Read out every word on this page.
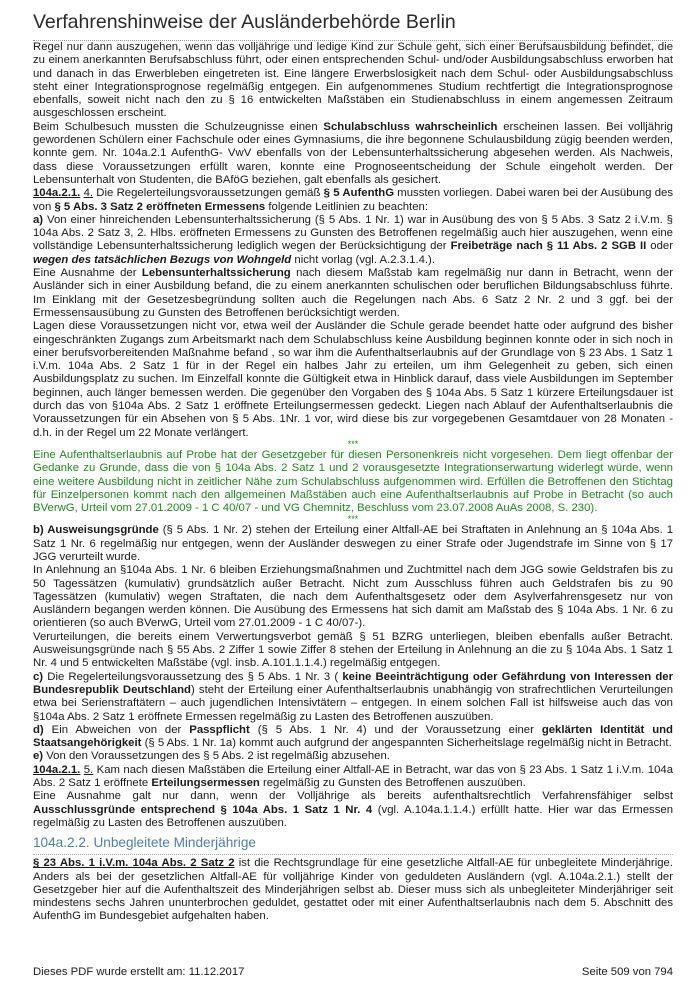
Verfahrenshinweise der Ausländerbehörde Berlin

Regel nur dann auszugehen, wenn das volljährige und ledige Kind zur Schule geht, sich einer Berufsausbildung befindet, die zu einem anerkannten Berufsabschluss führt, oder einen entsprechenden Schul- und/oder Ausbildungsabschluss erworben hat und danach in das Erwerbleben eingetreten ist. Eine längere Erwerbslosigkeit nach dem Schul- oder Ausbildungsabschluss steht einer Integrationsprognose regelmäßig entgegen. Ein aufgenommenes Studium rechtfertigt die Integrationsprognose ebenfalls, soweit nicht nach den zu § 16 entwickelten Maßstäben ein Studienabschluss in einem angemessen Zeitraum ausgeschlossen erscheint.

Beim Schulbesuch mussten die Schulzeugnisse einen Schulabschluss wahrscheinlich erscheinen lassen. Bei volljährig gewordenen Schülern einer Fachschule oder eines Gymnasiums, die ihre begonnene Schulausbildung zügig beenden werden, konnte gem. Nr. 104a.2.1 AufenthG- VwV ebenfalls von der Lebensunterhaltssicherung abgesehen werden. Als Nachweis, dass diese Voraussetzungen erfüllt waren, konnte eine Prognoseentscheidung der Schule eingeholt werden. Der Lebensunterhalt von Studenten, die BAföG beziehen, galt ebenfalls als gesichert.

104a.2.1. 4. Die Regelerteilungsvoraussetzungen gemäß § 5 AufenthG mussten vorliegen. Dabei waren bei der Ausübung des von § 5 Abs. 3 Satz 2 eröffneten Ermessens folgende Leitlinien zu beachten:

a) Von einer hinreichenden Lebensunterhaltssicherung (§ 5 Abs. 1 Nr. 1) war in Ausübung des von § 5 Abs. 3 Satz 2 i.V.m. § 104a Abs. 2 Satz 3, 2. Hlbs. eröffneten Ermessens zu Gunsten des Betroffenen regelmäßig auch hier auszugehen, wenn eine vollständige Lebensunterhaltssicherung lediglich wegen der Berücksichtigung der Freibeträge nach § 11 Abs. 2 SGB II oder wegen des tatsächlichen Bezugs von Wohngeld nicht vorlag (vgl. A.2.3.1.4.).

Eine Ausnahme der Lebensunterhaltssicherung nach diesem Maßstab kam regelmäßig nur dann in Betracht, wenn der Ausländer sich in einer Ausbildung befand, die zu einem anerkannten schulischen oder beruflichen Bildungsabschluss führte. Im Einklang mit der Gesetzesbegründung sollten auch die Regelungen nach Abs. 6 Satz 2 Nr. 2 und 3 ggf. bei der Ermessensausübung zu Gunsten des Betroffenen berücksichtigt werden.

Lagen diese Voraussetzungen nicht vor, etwa weil der Ausländer die Schule gerade beendet hatte oder aufgrund des bisher eingeschränkten Zugangs zum Arbeitsmarkt nach dem Schulabschluss keine Ausbildung beginnen konnte oder in sich noch in einer berufsvorbereitenden Maßnahme befand , so war ihm die Aufenthaltserlaubnis auf der Grundlage von § 23 Abs. 1 Satz 1 i.V.m. 104a Abs. 2 Satz 1 für in der Regel ein halbes Jahr zu erteilen, um ihm Gelegenheit zu geben, sich einen Ausbildungsplatz zu suchen. Im Einzelfall konnte die Gültigkeit etwa in Hinblick darauf, dass viele Ausbildungen im September beginnen, auch länger bemessen werden. Die gegenüber den Vorgaben des § 104a Abs. 5 Satz 1 kürzere Erteilungsdauer ist durch das von §104a Abs. 2 Satz 1 eröffnete Erteilungsermessen gedeckt. Liegen nach Ablauf der Aufenthaltserlaubnis die Voraussetzungen für ein Absehen von § 5 Abs. 1Nr. 1 vor, wird diese bis zur vorgegebenen Gesamtdauer von 28 Monaten - d.h. in der Regel um 22 Monate verlängert.

***

Eine Aufenthaltserlaubnis auf Probe hat der Gesetzgeber für diesen Personenkreis nicht vorgesehen. Dem liegt offenbar der Gedanke zu Grunde, dass die von § 104a Abs. 2 Satz 1 und 2 vorausgesetzte Integrationserwartung widerlegt würde, wenn eine weitere Ausbildung nicht in zeitlicher Nähe zum Schulabschluss aufgenommen wird. Erfüllen die Betroffenen den Stichtag für Einzelpersonen kommt nach den allgemeinen Maßstäben auch eine Aufenthaltserlaubnis auf Probe in Betracht (so auch BVerwG, Urteil vom 27.01.2009 - 1 C 40/07 - und VG Chemnitz, Beschluss vom 23.07.2008 AuAs 2008, S. 230).

***

b) Ausweisungsgründe (§ 5 Abs. 1 Nr. 2) stehen der Erteilung einer Altfall-AE bei Straftaten in Anlehnung an § 104a Abs. 1 Satz 1 Nr. 6 regelmäßig nur entgegen, wenn der Ausländer deswegen zu einer Strafe oder Jugendstrafe im Sinne von § 17 JGG verurteilt wurde.

In Anlehnung an §104a Abs. 1 Nr. 6 bleiben Erziehungsmaßnahmen und Zuchtmittel nach dem JGG sowie Geldstrafen bis zu 50 Tagessätzen (kumulativ) grundsätzlich außer Betracht. Nicht zum Ausschluss führen auch Geldstrafen bis zu 90 Tagessätzen (kumulativ) wegen Straftaten, die nach dem Aufenthaltsgesetz oder dem Asylverfahrensgesetz nur von Ausländern begangen werden können. Die Ausübung des Ermessens hat sich damit am Maßstab des § 104a Abs. 1 Nr. 6 zu orientieren (so auch BVerwG, Urteil vom 27.01.2009 - 1 C 40/07-).

Verurteilungen, die bereits einem Verwertungsverbot gemäß § 51 BZRG unterliegen, bleiben ebenfalls außer Betracht. Ausweisungsgründe nach § 55 Abs. 2 Ziffer 1 sowie Ziffer 8 stehen der Erteilung in Anlehnung an die zu § 104a Abs. 1 Satz 1 Nr. 4 und 5 entwickelten Maßstäbe (vgl. insb. A.101.1.1.4.) regelmäßig entgegen.

c) Die Regelerteilungsvoraussetzung des § 5 Abs. 1 Nr. 3 ( keine Beeinträchtigung oder Gefährdung von Interessen der Bundesrepublik Deutschland) steht der Erteilung einer Aufenthaltserlaubnis unabhängig von strafrechtlichen Verurteilungen etwa bei Serienstraftätern – auch jugendlichen Intensivtätern – entgegen. In einem solchen Fall ist hilfsweise auch das von §104a Abs. 2 Satz 1 eröffnete Ermessen regelmäßig zu Lasten des Betroffenen auszuüben.

d) Ein Abweichen von der Passpflicht (§ 5 Abs. 1 Nr. 4) und der Voraussetzung einer geklärten Identität und Staatsangehörigkeit (§ 5 Abs. 1 Nr. 1a) kommt auch aufgrund der angespannten Sicherheitslage regelmäßig nicht in Betracht.

e) Von den Voraussetzungen des § 5 Abs. 2 ist regelmäßig abzusehen.

104a.2.1. 5. Kam nach diesen Maßstäben die Erteilung einer Altfall-AE in Betracht, war das von § 23 Abs. 1 Satz 1 i.V.m. 104a Abs. 2 Satz 1 eröffnete Erteilungsermessen regelmäßig zu Gunsten des Betroffenen auszuüben.

Eine Ausnahme galt nur dann, wenn der Volljährige als bereits aufenthaltsrechtlich Verfahrensfähiger selbst Ausschlussgründe entsprechend § 104a Abs. 1 Satz 1 Nr. 4 (vgl. A.104a.1.1.4.) erfüllt hatte. Hier war das Ermessen regelmäßig zu Lasten des Betroffenen auszuüben.

104a.2.2. Unbegleitete Minderjährige

§ 23 Abs. 1 i.V.m. 104a Abs. 2 Satz 2 ist die Rechtsgrundlage für eine gesetzliche Altfall-AE für unbegleitete Minderjährige. Anders als bei der gesetzlichen Altfall-AE für volljährige Kinder von geduldeten Ausländern (vgl. A.104a.2.1.) stellt der Gesetzgeber hier auf die Aufenthaltszeit des Minderjährigen selbst ab. Dieser muss sich als unbegleiteter Minderjähriger seit mindestens sechs Jahren ununterbrochen geduldet, gestattet oder mit einer Aufenthaltserlaubnis nach dem 5. Abschnitt des AufenthG im Bundesgebiet aufgehalten haben.

Dieses PDF wurde erstellt am: 11.12.2017	Seite 509 von 794
